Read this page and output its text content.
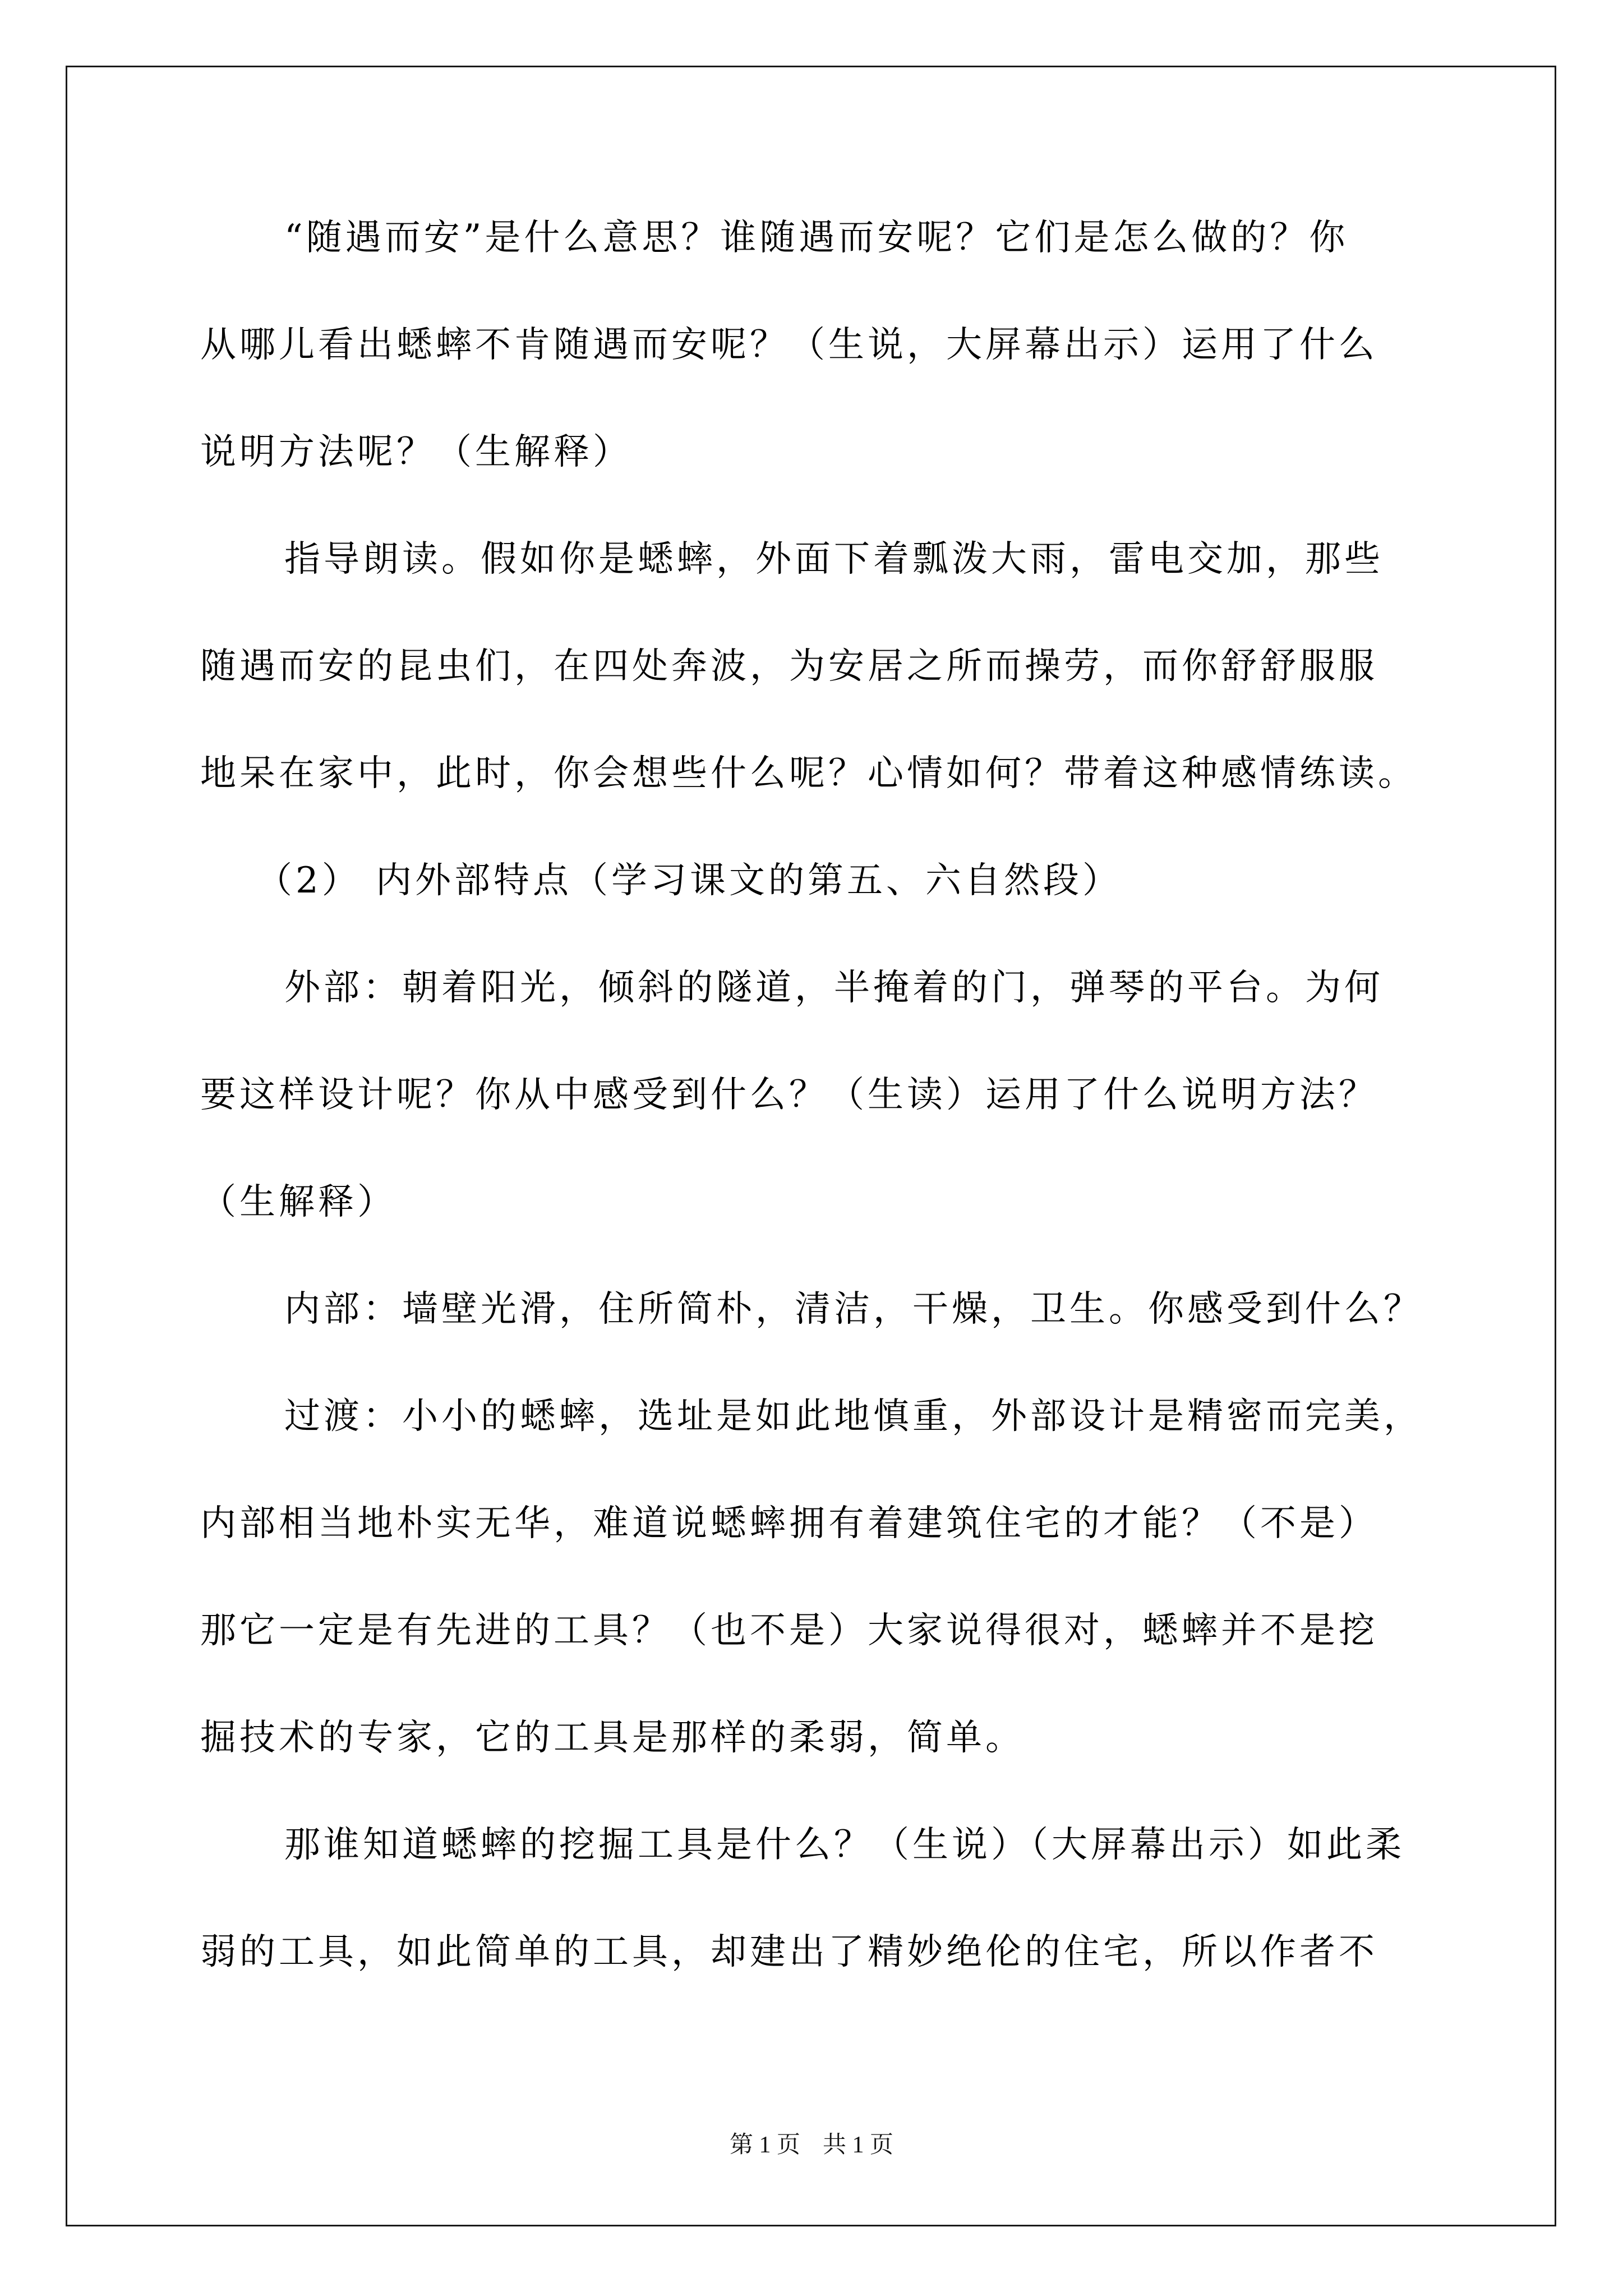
“随遇而安”是什么意思？谁随遇而安呢？它们是怎么做的？你
从哪儿看出蟋蟀不肯随遇而安呢？（生说，大屏幕出示）运用了什么
说明方法呢？（生解释）
指导朗读。假如你是蟋蟀，外面下着瓢泼大雨，雷电交加，那些
随遇而安的昆虫们，在四处奔波，为安居之所而操劳，而你舒舒服服
地呆在家中，此时，你会想些什么呢？心情如何？带着这种感情练读。
（2） 内外部特点（学习课文的第五、六自然段）
外部：朝着阳光，倾斜的隧道，半掩着的门，弹琴的平台。为何
要这样设计呢？你从中感受到什么？（生读）运用了什么说明方法？
（生解释）
内部：墙壁光滑，住所简朴，清洁，干燥，卫生。你感受到什么？
过渡：小小的蟋蟀，选址是如此地慎重，外部设计是精密而完美，
内部相当地朴实无华，难道说蟋蟀拥有着建筑住宅的才能？（不是）
那它一定是有先进的工具？（也不是）大家说得很对，蟋蟀并不是挖
掘技术的专家，它的工具是那样的柔弱，简单。
那谁知道蟋蟀的挖掘工具是什么？（生说）（大屏幕出示）如此柔
弱的工具，如此简单的工具，却建出了精妙绝伦的住宅，所以作者不
第 1 页 共 1 页
